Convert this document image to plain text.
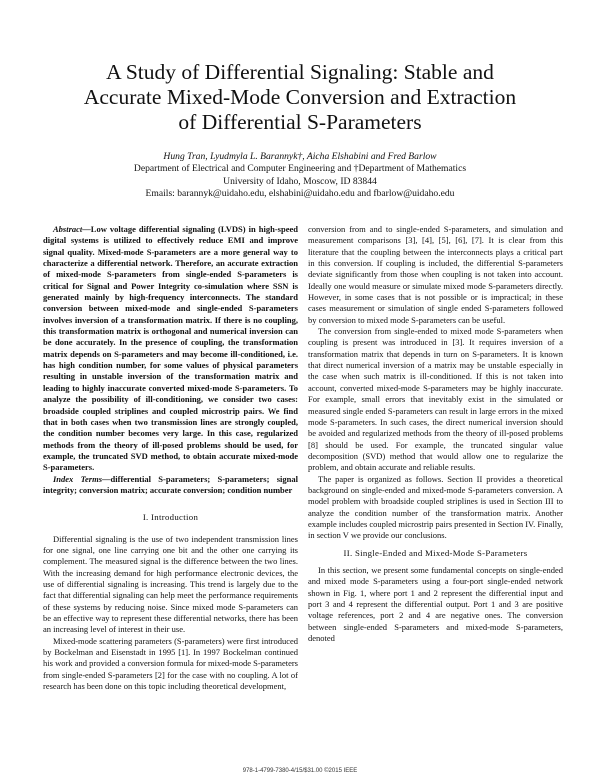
A Study of Differential Signaling: Stable and
Accurate Mixed-Mode Conversion and Extraction
of Differential S-Parameters
Hung Tran, Lyudmyla L. Barannyk†, Aicha Elshabini and Fred Barlow
Department of Electrical and Computer Engineering and †Department of Mathematics
University of Idaho, Moscow, ID 83844
Emails: barannyk@uidaho.edu, elshabini@uidaho.edu and fbarlow@uidaho.edu

Abstract—Low voltage differential signaling (LVDS) in high-speed digital systems is utilized to effectively reduce EMI and improve signal quality. Mixed-mode S-parameters are a more general way to characterize a differential network. Therefore, an accurate extraction of mixed-mode S-parameters from single-ended S-parameters is critical for Signal and Power Integrity co-simulation where SSN is generated mainly by high-frequency interconnects. The standard conversion between mixed-mode and single-ended S-parameters involves inversion of a transformation matrix. If there is no coupling, this transformation matrix is orthogonal and numerical inversion can be done accurately. In the presence of coupling, the transformation matrix depends on S-parameters and may become ill-conditioned, i.e. has high condition number, for some values of physical parameters resulting in unstable inversion of the transformation matrix and leading to highly inaccurate converted mixed-mode S-parameters. To analyze the possibility of ill-conditioning, we consider two cases: broadside coupled striplines and coupled microstrip pairs. We find that in both cases when two transmission lines are strongly coupled, the condition number becomes very large. In this case, regularized methods from the theory of ill-posed problems should be used, for example, the truncated SVD method, to obtain accurate mixed-mode S-parameters.

Index Terms—differential S-parameters; S-parameters; signal integrity; conversion matrix; accurate conversion; condition number

I. Introduction

Differential signaling is the use of two independent transmission lines for one signal, one line carrying one bit and the other one carrying its complement. The measured signal is the difference between the two lines. With the increasing demand for high performance electronic devices, the use of differential signaling is increasing. This trend is largely due to the fact that differential signaling can help meet the performance requirements of these systems by reducing noise. Since mixed mode S-parameters can be an effective way to represent these differential networks, there has been an increasing level of interest in their use.

Mixed-mode scattering parameters (S-parameters) were first introduced by Bockelman and Eisenstadt in 1995 [1]. In 1997 Bockelman continued his work and provided a conversion formula for mixed-mode S-parameters from single-ended S-parameters [2] for the case with no coupling. A lot of research has been done on this topic including theoretical development,

conversion from and to single-ended S-parameters, and simulation and measurement comparisons [3], [4], [5], [6], [7]. It is clear from this literature that the coupling between the interconnects plays a critical part in this conversion. If coupling is included, the differential S-parameters deviate significantly from those when coupling is not taken into account. Ideally one would measure or simulate mixed mode S-parameters directly. However, in some cases that is not possible or is impractical; in these cases measurement or simulation of single ended S-parameters followed by conversion to mixed mode S-parameters can be useful.

The conversion from single-ended to mixed mode S-parameters when coupling is present was introduced in [3]. It requires inversion of a transformation matrix that depends in turn on S-parameters. It is known that direct numerical inversion of a matrix may be unstable especially in the case when such matrix is ill-conditioned. If this is not taken into account, converted mixed-mode S-parameters may be highly inaccurate. For example, small errors that inevitably exist in the simulated or measured single ended S-parameters can result in large errors in the mixed mode S-parameters. In such cases, the direct numerical inversion should be avoided and regularized methods from the theory of ill-posed problems [8] should be used. For example, the truncated singular value decomposition (SVD) method that would allow one to regularize the problem, and obtain accurate and reliable results.

The paper is organized as follows. Section II provides a theoretical background on single-ended and mixed-mode S-parameters conversion. A model problem with broadside coupled striplines is used in Section III to analyze the condition number of the transformation matrix. Another example includes coupled microstrip pairs presented in Section IV. Finally, in section V we provide our conclusions.

II. Single-Ended and Mixed-Mode S-Parameters

In this section, we present some fundamental concepts on single-ended and mixed mode S-parameters using a four-port single-ended network shown in Fig. 1, where port 1 and 2 represent the differential input and port 3 and 4 represent the differential output. Port 1 and 3 are positive voltage references, port 2 and 4 are negative ones. The conversion between single-ended S-parameters and mixed-mode S-parameters, denoted

978-1-4799-7380-4/15/$31.00 ©2015 IEEE
